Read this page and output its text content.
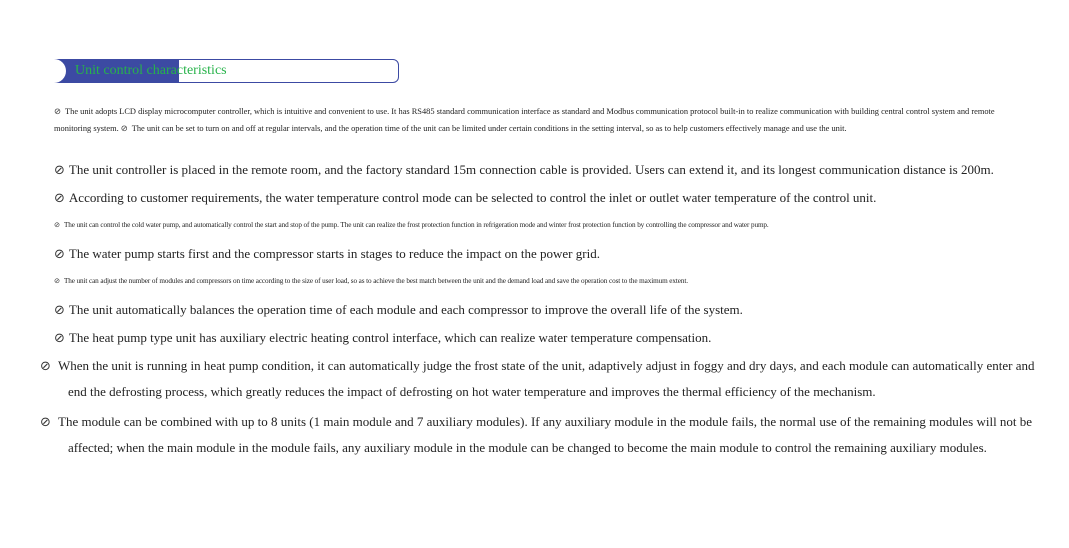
Unit control characteristics
⊘ The unit adopts LCD display microcomputer controller, which is intuitive and convenient to use. It has RS485 standard communication interface as standard and Modbus communication protocol built-in to realize communication with building central control system and remote monitoring system. ⊘ The unit can be set to turn on and off at regular intervals, and the operation time of the unit can be limited under certain conditions in the setting interval, so as to help customers effectively manage and use the unit.
⊘ The unit controller is placed in the remote room, and the factory standard 15m connection cable is provided. Users can extend it, and its longest communication distance is 200m.
⊘ According to customer requirements, the water temperature control mode can be selected to control the inlet or outlet water temperature of the control unit.
⊘ The unit can control the cold water pump, and automatically control the start and stop of the pump. The unit can realize the frost protection function in refrigeration mode and winter frost protection function by controlling the compressor and water pump.
⊘ The water pump starts first and the compressor starts in stages to reduce the impact on the power grid.
⊘ The unit can adjust the number of modules and compressors on time according to the size of user load, so as to achieve the best match between the unit and the demand load and save the operation cost to the maximum extent.
⊘ The unit automatically balances the operation time of each module and each compressor to improve the overall life of the system.
⊘ The heat pump type unit has auxiliary electric heating control interface, which can realize water temperature compensation.
⊘ When the unit is running in heat pump condition, it can automatically judge the frost state of the unit, adaptively adjust in foggy and dry days, and each module can automatically enter and end the defrosting process, which greatly reduces the impact of defrosting on hot water temperature and improves the thermal efficiency of the mechanism.
⊘ The module can be combined with up to 8 units (1 main module and 7 auxiliary modules). If any auxiliary module in the module fails, the normal use of the remaining modules will not be affected; when the main module in the module fails, any auxiliary module in the module can be changed to become the main module to control the remaining auxiliary modules.
